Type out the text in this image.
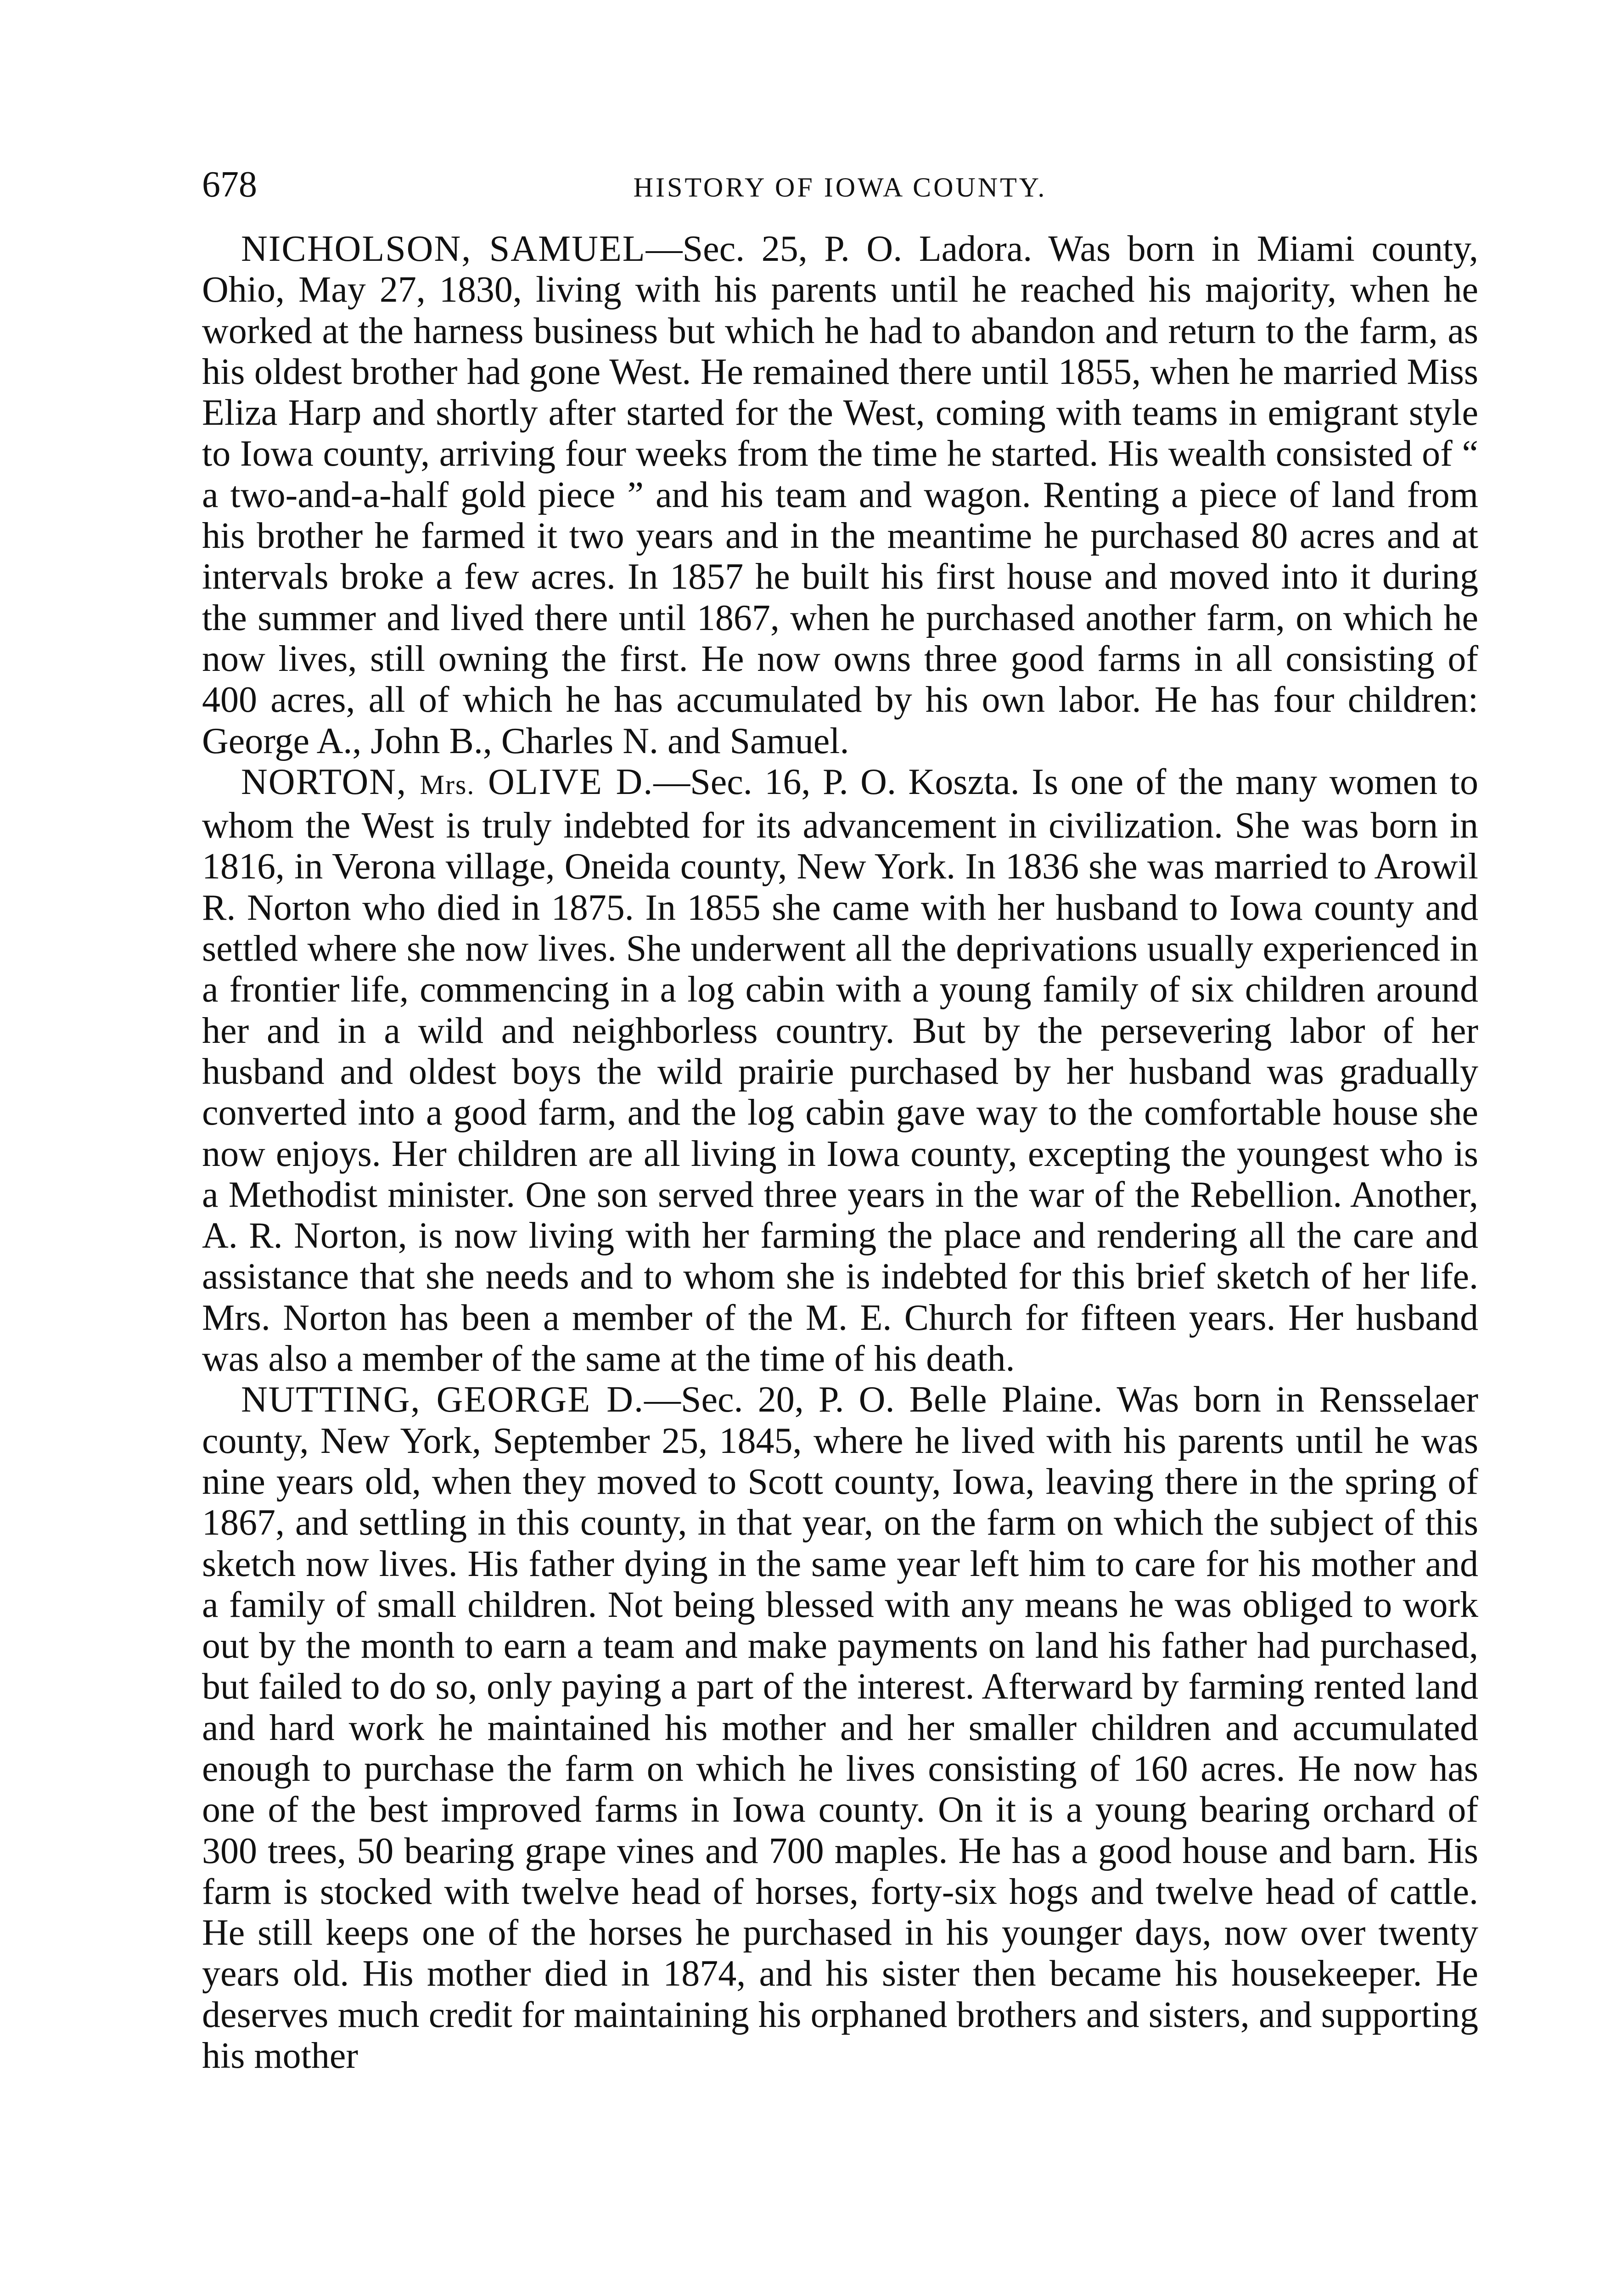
678	HISTORY OF IOWA COUNTY.

NICHOLSON, SAMUEL—Sec. 25, P. O. Ladora. Was born in Miami county, Ohio, May 27, 1830, living with his parents until he reached his majority, when he worked at the harness business but which he had to abandon and return to the farm, as his oldest brother had gone West. He remained there until 1855, when he married Miss Eliza Harp and shortly after started for the West, coming with teams in emigrant style to Iowa county, arriving four weeks from the time he started. His wealth consisted of “ a two-and-a-half gold piece ” and his team and wagon. Renting a piece of land from his brother he farmed it two years and in the meantime he purchased 80 acres and at intervals broke a few acres. In 1857 he built his first house and moved into it during the summer and lived there until 1867, when he purchased another farm, on which he now lives, still owning the first. He now owns three good farms in all consisting of 400 acres, all of which he has accumulated by his own labor. He has four children: George A., John B., Charles N. and Samuel.

NORTON, Mrs. OLIVE D.—Sec. 16, P. O. Koszta. Is one of the many women to whom the West is truly indebted for its advancement in civilization. She was born in 1816, in Verona village, Oneida county, New York. In 1836 she was married to Arowil R. Norton who died in 1875. In 1855 she came with her husband to Iowa county and settled where she now lives. She underwent all the deprivations usually experienced in a frontier life, commencing in a log cabin with a young family of six children around her and in a wild and neighborless country. But by the persevering labor of her husband and oldest boys the wild prairie purchased by her husband was gradually converted into a good farm, and the log cabin gave way to the comfortable house she now enjoys. Her children are all living in Iowa county, excepting the youngest who is a Methodist minister. One son served three years in the war of the Rebellion. Another, A. R. Norton, is now living with her farming the place and rendering all the care and assistance that she needs and to whom she is indebted for this brief sketch of her life. Mrs. Norton has been a member of the M. E. Church for fifteen years. Her husband was also a member of the same at the time of his death.

NUTTING, GEORGE D.—Sec. 20, P. O. Belle Plaine. Was born in Rensselaer county, New York, September 25, 1845, where he lived with his parents until he was nine years old, when they moved to Scott county, Iowa, leaving there in the spring of 1867, and settling in this county, in that year, on the farm on which the subject of this sketch now lives. His father dying in the same year left him to care for his mother and a family of small children. Not being blessed with any means he was obliged to work out by the month to earn a team and make payments on land his father had purchased, but failed to do so, only paying a part of the interest. Afterward by farming rented land and hard work he maintained his mother and her smaller children and accumulated enough to purchase the farm on which he lives consisting of 160 acres. He now has one of the best improved farms in Iowa county. On it is a young bearing orchard of 300 trees, 50 bearing grape vines and 700 maples. He has a good house and barn. His farm is stocked with twelve head of horses, forty-six hogs and twelve head of cattle. He still keeps one of the horses he purchased in his younger days, now over twenty years old. His mother died in 1874, and his sister then became his housekeeper. He deserves much credit for maintaining his orphaned brothers and sisters, and supporting his mother
